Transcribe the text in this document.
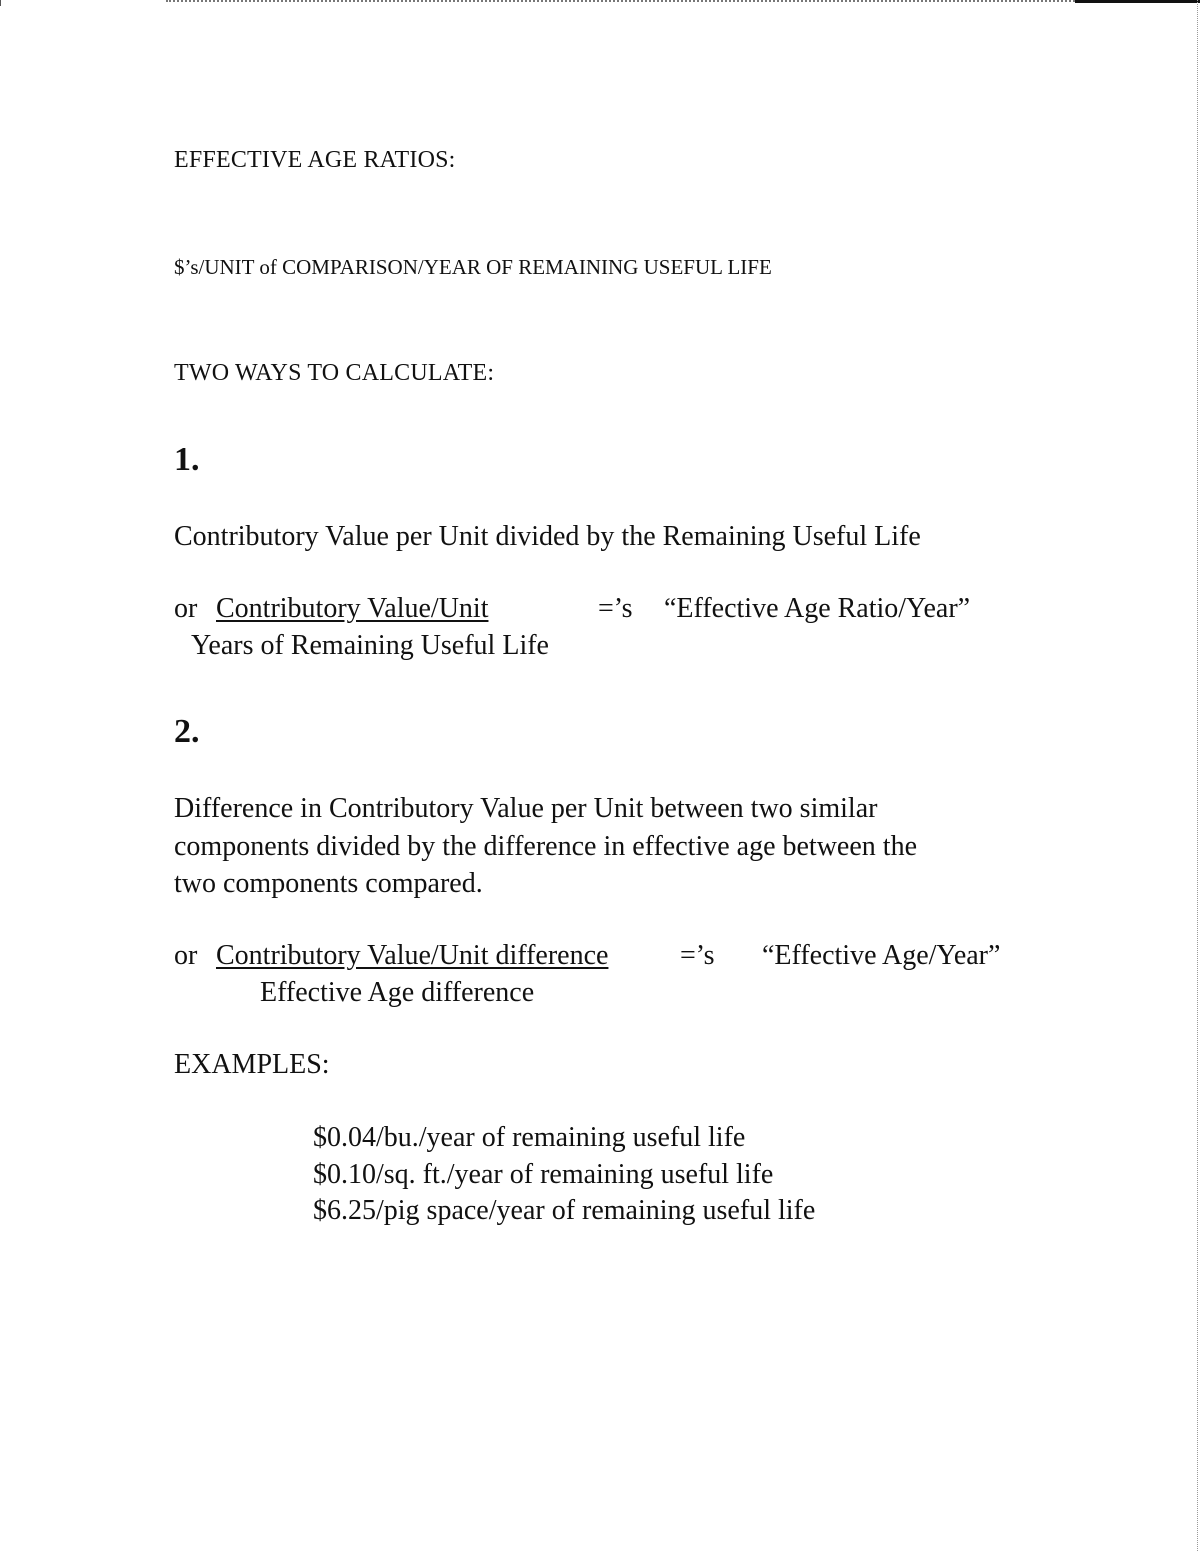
EFFECTIVE AGE RATIOS:
$’s/UNIT of COMPARISON/YEAR OF REMAINING USEFUL LIFE
TWO WAYS TO CALCULATE:
1.
Contributory Value per Unit divided by the Remaining Useful Life
or Contributory Value/Unit	=’s “Effective Age Ratio/Year”
Years of Remaining Useful Life
2.
Difference in Contributory Value per Unit between two similar
components divided by the difference in effective age between the
two components compared.
or Contributory Value/Unit difference	=’s “Effective Age/Year”
Effective Age difference
EXAMPLES:
$0.04/bu./year of remaining useful life
$0.10/sq. ft./year of remaining useful life
$6.25/pig space/year of remaining useful life
